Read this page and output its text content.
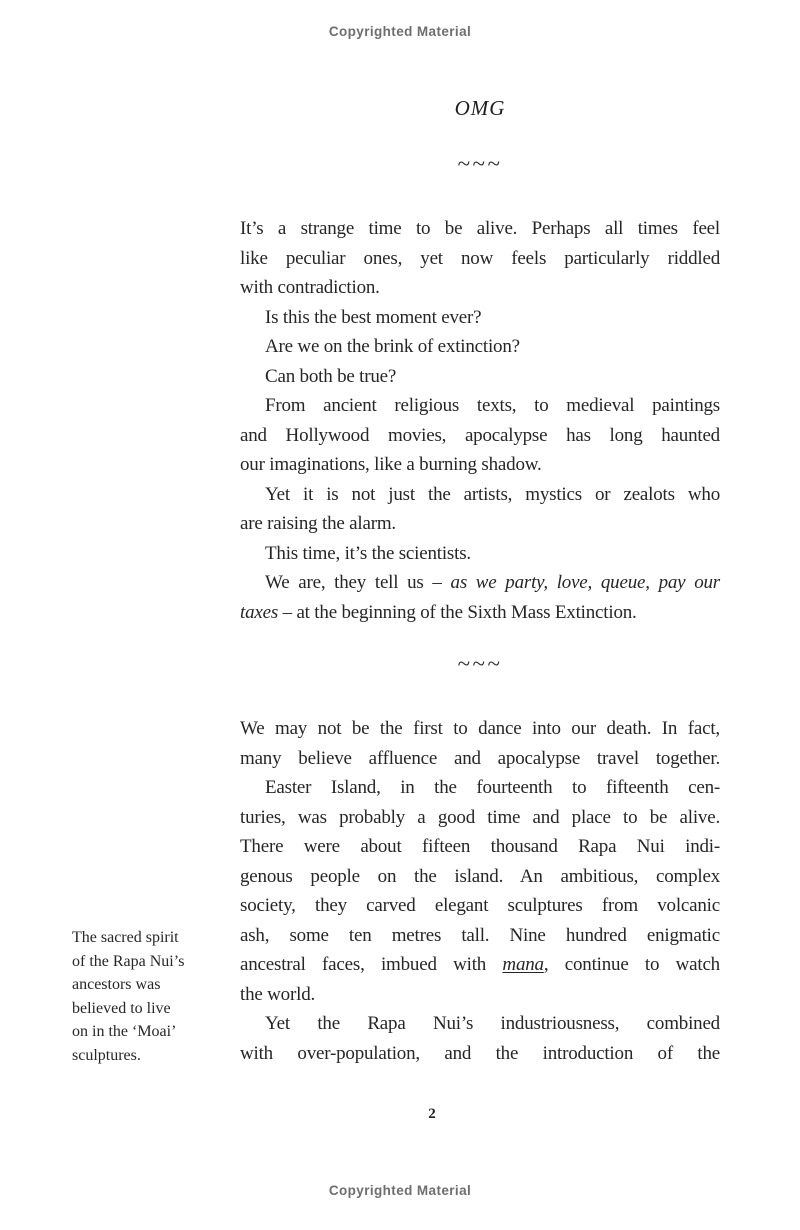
Copyrighted Material
OMG
~~~
It’s a strange time to be alive. Perhaps all times feel
like peculiar ones, yet now feels particularly riddled
with contradiction.
Is this the best moment ever?
Are we on the brink of extinction?
Can both be true?
From ancient religious texts, to medieval paintings
and Hollywood movies, apocalypse has long haunted
our imaginations, like a burning shadow.
Yet it is not just the artists, mystics or zealots who
are raising the alarm.
This time, it’s the scientists.
We are, they tell us – as we party, love, queue, pay our
taxes – at the beginning of the Sixth Mass Extinction.
~~~
We may not be the first to dance into our death. In fact,
many believe affluence and apocalypse travel together.
Easter Island, in the fourteenth to fifteenth cen-
turies, was probably a good time and place to be alive.
There were about fifteen thousand Rapa Nui indi-
genous people on the island. An ambitious, complex
society, they carved elegant sculptures from volcanic
ash, some ten metres tall. Nine hundred enigmatic
ancestral faces, imbued with mana, continue to watch
the world.
Yet the Rapa Nui’s industriousness, combined
with over-population, and the introduction of the
The sacred spirit
of the Rapa Nui’s
ancestors was
believed to live
on in the ‘Moai’
sculptures.
2
Copyrighted Material
